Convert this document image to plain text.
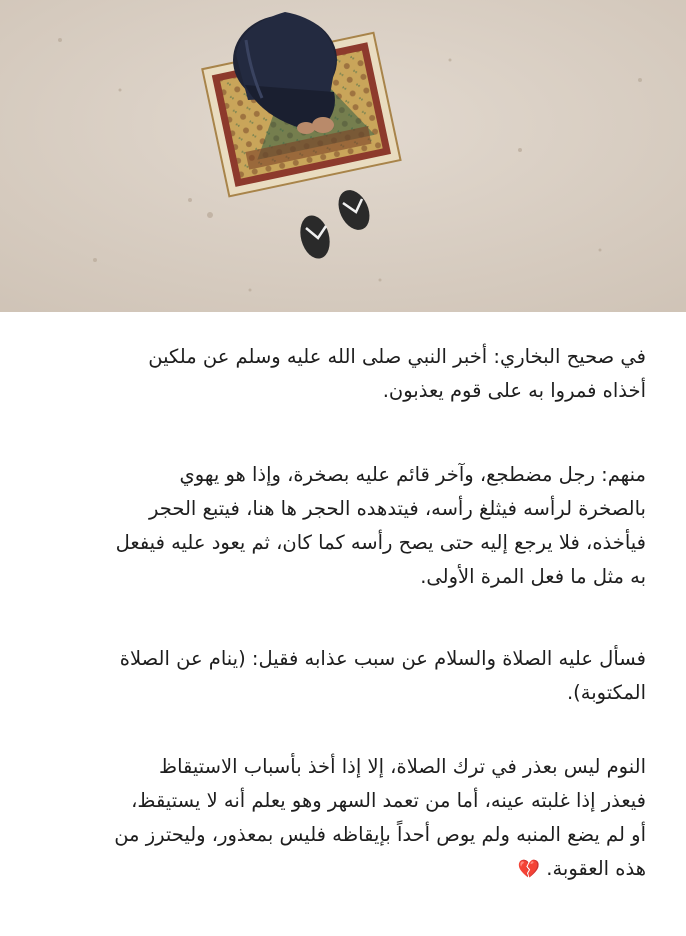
في صحيح البخاري: أخبر النبي صلى الله عليه وسلم عن ملكين
أخذاه فمروا به على قوم يعذبون.
منهم: رجل مضطجع، وآخر قائم عليه بصخرة، وإذا هو يهوي
بالصخرة لرأسه فيثلغ رأسه، فيتدهده الحجر ها هنا، فيتبع الحجر
فيأخذه، فلا يرجع إليه حتى يصح رأسه كما كان، ثم يعود عليه فيفعل
به مثل ما فعل المرة الأولى.
فسأل عليه الصلاة والسلام عن سبب عذابه فقيل: (ينام عن الصلاة
المكتوبة).
النوم ليس بعذر في ترك الصلاة، إلا إذا أخذ بأسباب الاستيقاظ
فيعذر إذا غلبته عينه، أما من تعمد السهر وهو يعلم أنه لا يستيقظ،
أو لم يضع المنبه ولم يوص أحداً بإيقاظه فليس بمعذور، وليحترز من
هذه العقوبة. 💔
